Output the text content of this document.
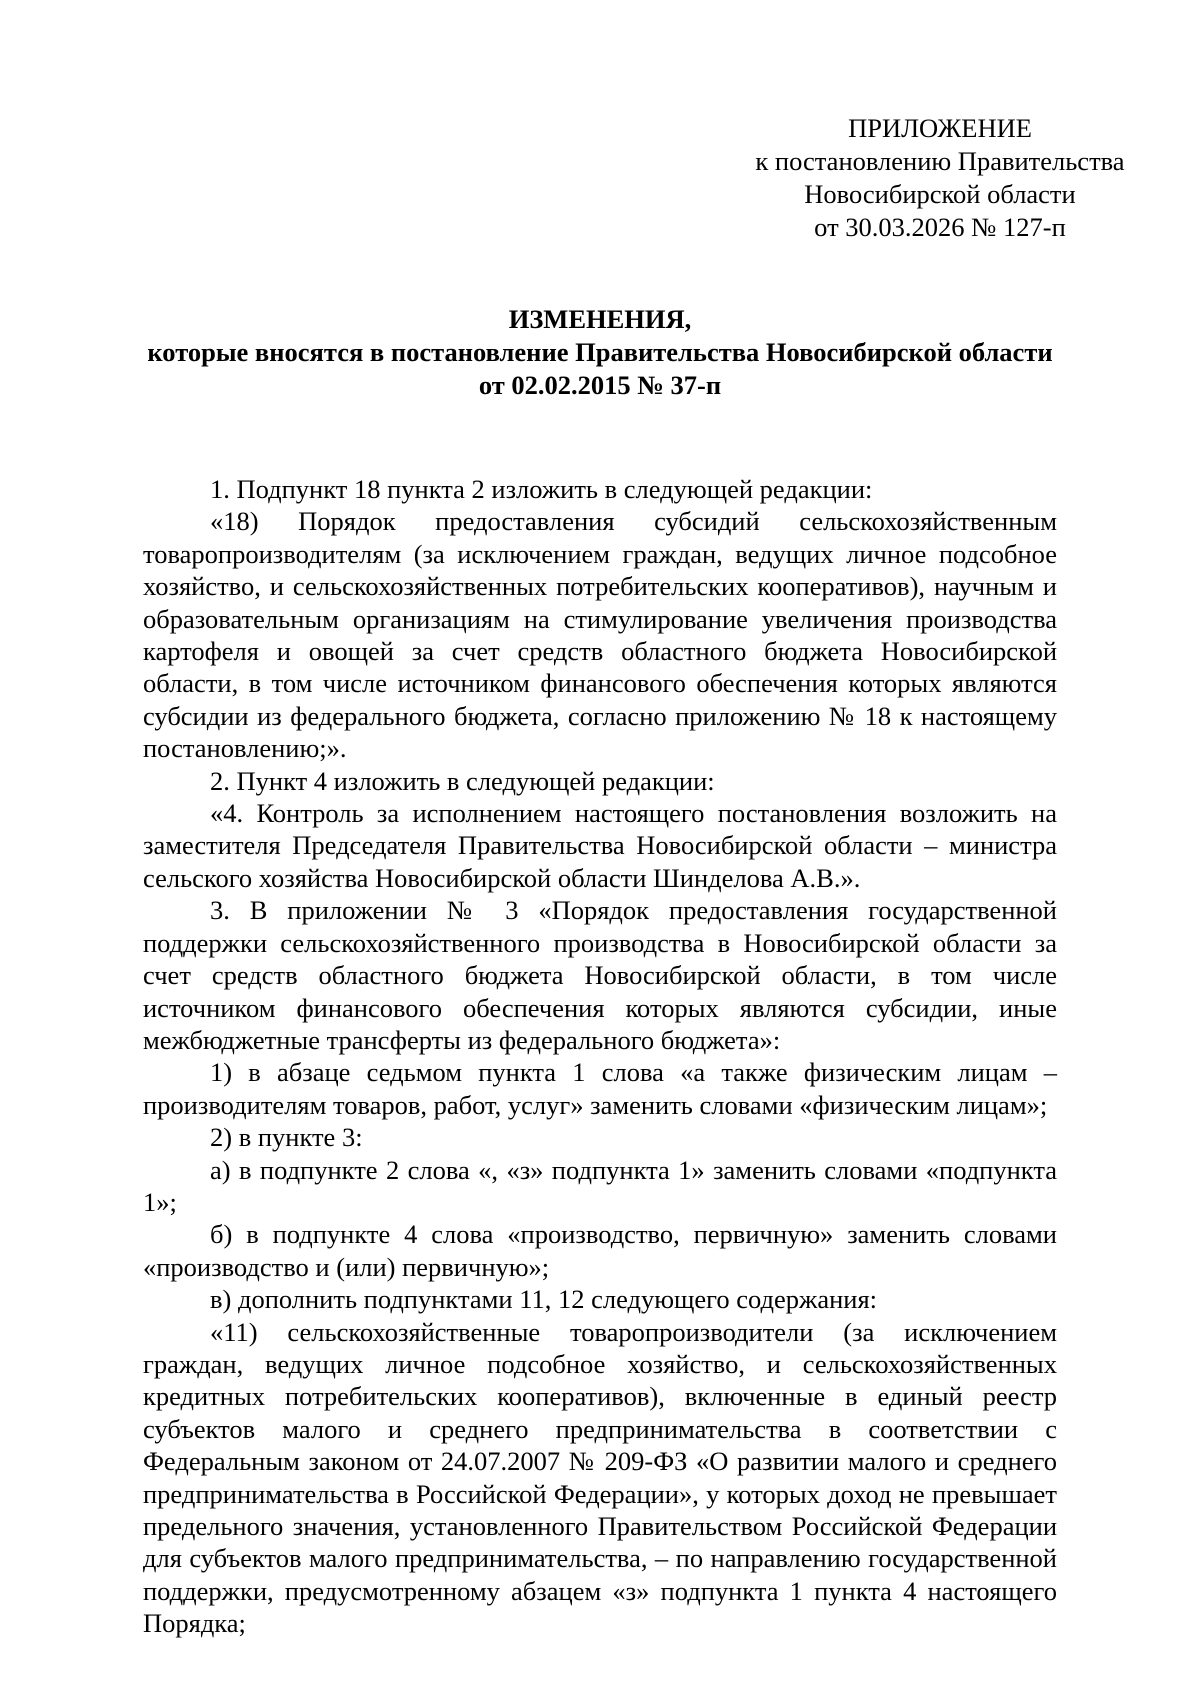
ПРИЛОЖЕНИЕ
к постановлению Правительства
Новосибирской области
от 30.03.2026 № 127-п
ИЗМЕНЕНИЯ,
которые вносятся в постановление Правительства Новосибирской области
от 02.02.2015 № 37-п

1. Подпункт 18 пункта 2 изложить в следующей редакции:

«18) Порядок предоставления субсидий сельскохозяйственным товаропроизводителям (за исключением граждан, ведущих личное подсобное хозяйство, и сельскохозяйственных потребительских кооперативов), научным и образовательным организациям на стимулирование увеличения производства картофеля и овощей за счет средств областного бюджета Новосибирской области, в том числе источником финансового обеспечения которых являются субсидии из федерального бюджета, согласно приложению № 18 к настоящему постановлению;».

2. Пункт 4 изложить в следующей редакции:

«4. Контроль за исполнением настоящего постановления возложить на заместителя Председателя Правительства Новосибирской области – министра сельского хозяйства Новосибирской области Шинделова А.В.».

3. В приложении № 3 «Порядок предоставления государственной поддержки сельскохозяйственного производства в Новосибирской области за счет средств областного бюджета Новосибирской области, в том числе источником финансового обеспечения которых являются субсидии, иные межбюджетные трансферты из федерального бюджета»:

1) в абзаце седьмом пункта 1 слова «а также физическим лицам – производителям товаров, работ, услуг» заменить словами «физическим лицам»;

2) в пункте 3:

а) в подпункте 2 слова «, «з» подпункта 1» заменить словами «подпункта 1»;

б) в подпункте 4 слова «производство, первичную» заменить словами «производство и (или) первичную»;

в) дополнить подпунктами 11, 12 следующего содержания:

«11) сельскохозяйственные товаропроизводители (за исключением граждан, ведущих личное подсобное хозяйство, и сельскохозяйственных кредитных потребительских кооперативов), включенные в единый реестр субъектов малого и среднего предпринимательства в соответствии с Федеральным законом от 24.07.2007 № 209-ФЗ «О развитии малого и среднего предпринимательства в Российской Федерации», у которых доход не превышает предельного значения, установленного Правительством Российской Федерации для субъектов малого предпринимательства, – по направлению государственной поддержки, предусмотренному абзацем «з» подпункта 1 пункта 4 настоящего Порядка;
